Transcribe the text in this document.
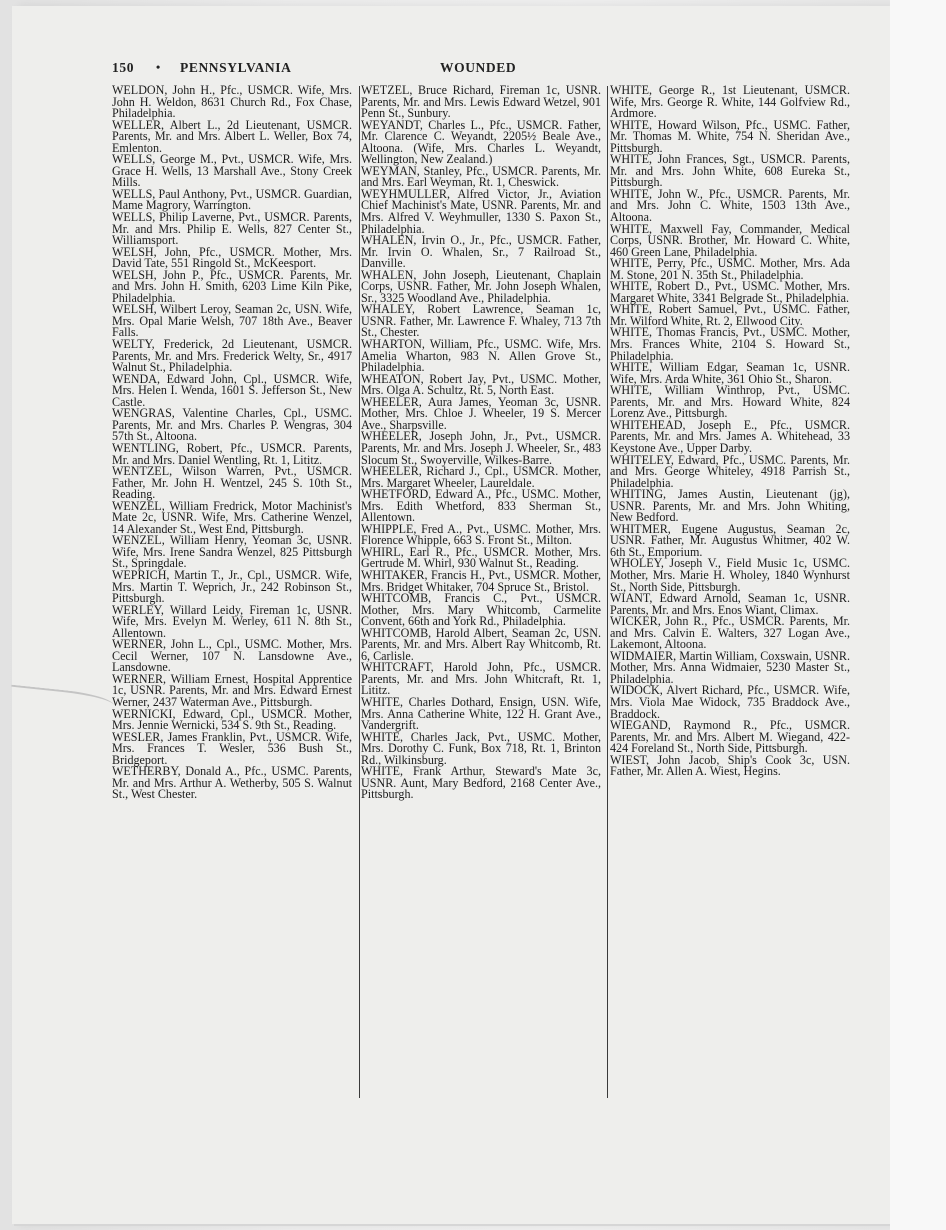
150 • PENNSYLVANIA	WOUNDED

WELDON, John H., Pfc., USMCR. Wife, Mrs. John H. Weldon, 8631 Church Rd., Fox Chase, Philadelphia.

WELLER, Albert L., 2d Lieutenant, USMCR. Parents, Mr. and Mrs. Albert L. Weller, Box 74, Emlenton.

WELLS, George M., Pvt., USMCR. Wife, Mrs. Grace H. Wells, 13 Marshall Ave., Stony Creek Mills.

WELLS, Paul Anthony, Pvt., USMCR. Guardian, Mame Magrory, Warrington.

WELLS, Philip Laverne, Pvt., USMCR. Parents, Mr. and Mrs. Philip E. Wells, 827 Center St., Williamsport.

WELSH, John, Pfc., USMCR. Mother, Mrs. David Tate, 551 Ringold St., McKeesport.

WELSH, John P., Pfc., USMCR. Parents, Mr. and Mrs. John H. Smith, 6203 Lime Kiln Pike, Philadelphia.

WELSH, Wilbert Leroy, Seaman 2c, USN. Wife, Mrs. Opal Marie Welsh, 707 18th Ave., Beaver Falls.

WELTY, Frederick, 2d Lieutenant, USMCR. Parents, Mr. and Mrs. Frederick Welty, Sr., 4917 Walnut St., Philadelphia.

WENDA, Edward John, Cpl., USMCR. Wife, Mrs. Helen I. Wenda, 1601 S. Jefferson St., New Castle.

WENGRAS, Valentine Charles, Cpl., USMC. Parents, Mr. and Mrs. Charles P. Wengras, 304 57th St., Altoona.

WENTLING, Robert, Pfc., USMCR. Parents, Mr. and Mrs. Daniel Wentling, Rt. 1, Lititz.

WENTZEL, Wilson Warren, Pvt., USMCR. Father, Mr. John H. Wentzel, 245 S. 10th St., Reading.

WENZEL, William Fredrick, Motor Machinist's Mate 2c, USNR. Wife, Mrs. Catherine Wenzel, 14 Alexander St., West End, Pittsburgh.

WENZEL, William Henry, Yeoman 3c, USNR. Wife, Mrs. Irene Sandra Wenzel, 825 Pittsburgh St., Springdale.

WEPRICH, Martin T., Jr., Cpl., USMCR. Wife, Mrs. Martin T. Weprich, Jr., 242 Robinson St., Pittsburgh.

WERLEY, Willard Leidy, Fireman 1c, USNR. Wife, Mrs. Evelyn M. Werley, 611 N. 8th St., Allentown.

WERNER, John L., Cpl., USMC. Mother, Mrs. Cecil Werner, 107 N. Lansdowne Ave., Lansdowne.

WERNER, William Ernest, Hospital Apprentice 1c, USNR. Parents, Mr. and Mrs. Edward Ernest Werner, 2437 Waterman Ave., Pittsburgh.

WERNICKI, Edward, Cpl., USMCR. Mother, Mrs. Jennie Wernicki, 534 S. 9th St., Reading.

WESLER, James Franklin, Pvt., USMCR. Wife, Mrs. Frances T. Wesler, 536 Bush St., Bridgeport.

WETHERBY, Donald A., Pfc., USMC. Parents, Mr. and Mrs. Arthur A. Wetherby, 505 S. Walnut St., West Chester.

WETZEL, Bruce Richard, Fireman 1c, USNR. Parents, Mr. and Mrs. Lewis Edward Wetzel, 901 Penn St., Sunbury.

WEYANDT, Charles L., Pfc., USMCR. Father, Mr. Clarence C. Weyandt, 2205½ Beale Ave., Altoona. (Wife, Mrs. Charles L. Weyandt, Wellington, New Zealand.)

WEYMAN, Stanley, Pfc., USMCR. Parents, Mr. and Mrs. Earl Weyman, Rt. 1, Cheswick.

WEYHMULLER, Alfred Victor, Jr., Aviation Chief Machinist's Mate, USNR. Parents, Mr. and Mrs. Alfred V. Weyhmuller, 1330 S. Paxon St., Philadelphia.

WHALEN, Irvin O., Jr., Pfc., USMCR. Father, Mr. Irvin O. Whalen, Sr., 7 Railroad St., Danville.

WHALEN, John Joseph, Lieutenant, Chaplain Corps, USNR. Father, Mr. John Joseph Whalen, Sr., 3325 Woodland Ave., Philadelphia.

WHALEY, Robert Lawrence, Seaman 1c, USNR. Father, Mr. Lawrence F. Whaley, 713 7th St., Chester.

WHARTON, William, Pfc., USMC. Wife, Mrs. Amelia Wharton, 983 N. Allen Grove St., Philadelphia.

WHEATON, Robert Jay, Pvt., USMC. Mother, Mrs. Olga A. Schultz, Rt. 5, North East.

WHEELER, Aura James, Yeoman 3c, USNR. Mother, Mrs. Chloe J. Wheeler, 19 S. Mercer Ave., Sharpsville.

WHEELER, Joseph John, Jr., Pvt., USMCR. Parents, Mr. and Mrs. Joseph J. Wheeler, Sr., 483 Slocum St., Swoyerville, Wilkes-Barre.

WHEELER, Richard J., Cpl., USMCR. Mother, Mrs. Margaret Wheeler, Laureldale.

WHETFORD, Edward A., Pfc., USMC. Mother, Mrs. Edith Whetford, 833 Sherman St., Allentown.

WHIPPLE, Fred A., Pvt., USMC. Mother, Mrs. Florence Whipple, 663 S. Front St., Milton.

WHIRL, Earl R., Pfc., USMCR. Mother, Mrs. Gertrude M. Whirl, 930 Walnut St., Reading.

WHITAKER, Francis H., Pvt., USMCR. Mother, Mrs. Bridget Whitaker, 704 Spruce St., Bristol.

WHITCOMB, Francis C., Pvt., USMCR. Mother, Mrs. Mary Whitcomb, Carmelite Convent, 66th and York Rd., Philadelphia.

WHITCOMB, Harold Albert, Seaman 2c, USN. Parents, Mr. and Mrs. Albert Ray Whitcomb, Rt. 6, Carlisle.

WHITCRAFT, Harold John, Pfc., USMCR. Parents, Mr. and Mrs. John Whitcraft, Rt. 1, Lititz.

WHITE, Charles Dothard, Ensign, USN. Wife, Mrs. Anna Catherine White, 122 H. Grant Ave., Vandergrift.

WHITE, Charles Jack, Pvt., USMC. Mother, Mrs. Dorothy C. Funk, Box 718, Rt. 1, Brinton Rd., Wilkinsburg.

WHITE, Frank Arthur, Steward's Mate 3c, USNR. Aunt, Mary Bedford, 2168 Center Ave., Pittsburgh.

WHITE, George R., 1st Lieutenant, USMCR. Wife, Mrs. George R. White, 144 Golfview Rd., Ardmore.

WHITE, Howard Wilson, Pfc., USMC. Father, Mr. Thomas M. White, 754 N. Sheridan Ave., Pittsburgh.

WHITE, John Frances, Sgt., USMCR. Parents, Mr. and Mrs. John White, 608 Eureka St., Pittsburgh.

WHITE, John W., Pfc., USMCR. Parents, Mr. and Mrs. John C. White, 1503 13th Ave., Altoona.

WHITE, Maxwell Fay, Commander, Medical Corps, USNR. Brother, Mr. Howard C. White, 460 Green Lane, Philadelphia.

WHITE, Perry, Pfc., USMC. Mother, Mrs. Ada M. Stone, 201 N. 35th St., Philadelphia.

WHITE, Robert D., Pvt., USMC. Mother, Mrs. Margaret White, 3341 Belgrade St., Philadelphia.

WHITE, Robert Samuel, Pvt., USMC. Father, Mr. Wilford White, Rt. 2, Ellwood City.

WHITE, Thomas Francis, Pvt., USMC. Mother, Mrs. Frances White, 2104 S. Howard St., Philadelphia.

WHITE, William Edgar, Seaman 1c, USNR. Wife, Mrs. Arda White, 361 Ohio St., Sharon.

WHITE, William Winthrop, Pvt., USMC. Parents, Mr. and Mrs. Howard White, 824 Lorenz Ave., Pittsburgh.

WHITEHEAD, Joseph E., Pfc., USMCR. Parents, Mr. and Mrs. James A. Whitehead, 33 Keystone Ave., Upper Darby.

WHITELEY, Edward, Pfc., USMC. Parents, Mr. and Mrs. George Whiteley, 4918 Parrish St., Philadelphia.

WHITING, James Austin, Lieutenant (jg), USNR. Parents, Mr. and Mrs. John Whiting, New Bedford.

WHITMER, Eugene Augustus, Seaman 2c, USNR. Father, Mr. Augustus Whitmer, 402 W. 6th St., Emporium.

WHOLEY, Joseph V., Field Music 1c, USMC. Mother, Mrs. Marie H. Wholey, 1840 Wynhurst St., North Side, Pittsburgh.

WIANT, Edward Arnold, Seaman 1c, USNR. Parents, Mr. and Mrs. Enos Wiant, Climax.

WICKER, John R., Pfc., USMCR. Parents, Mr. and Mrs. Calvin E. Walters, 327 Logan Ave., Lakemont, Altoona.

WIDMAIER, Martin William, Coxswain, USNR. Mother, Mrs. Anna Widmaier, 5230 Master St., Philadelphia.

WIDOCK, Alvert Richard, Pfc., USMCR. Wife, Mrs. Viola Mae Widock, 735 Braddock Ave., Braddock.

WIEGAND, Raymond R., Pfc., USMCR. Parents, Mr. and Mrs. Albert M. Wiegand, 422-424 Foreland St., North Side, Pittsburgh.

WIEST, John Jacob, Ship's Cook 3c, USN. Father, Mr. Allen A. Wiest, Hegins.
